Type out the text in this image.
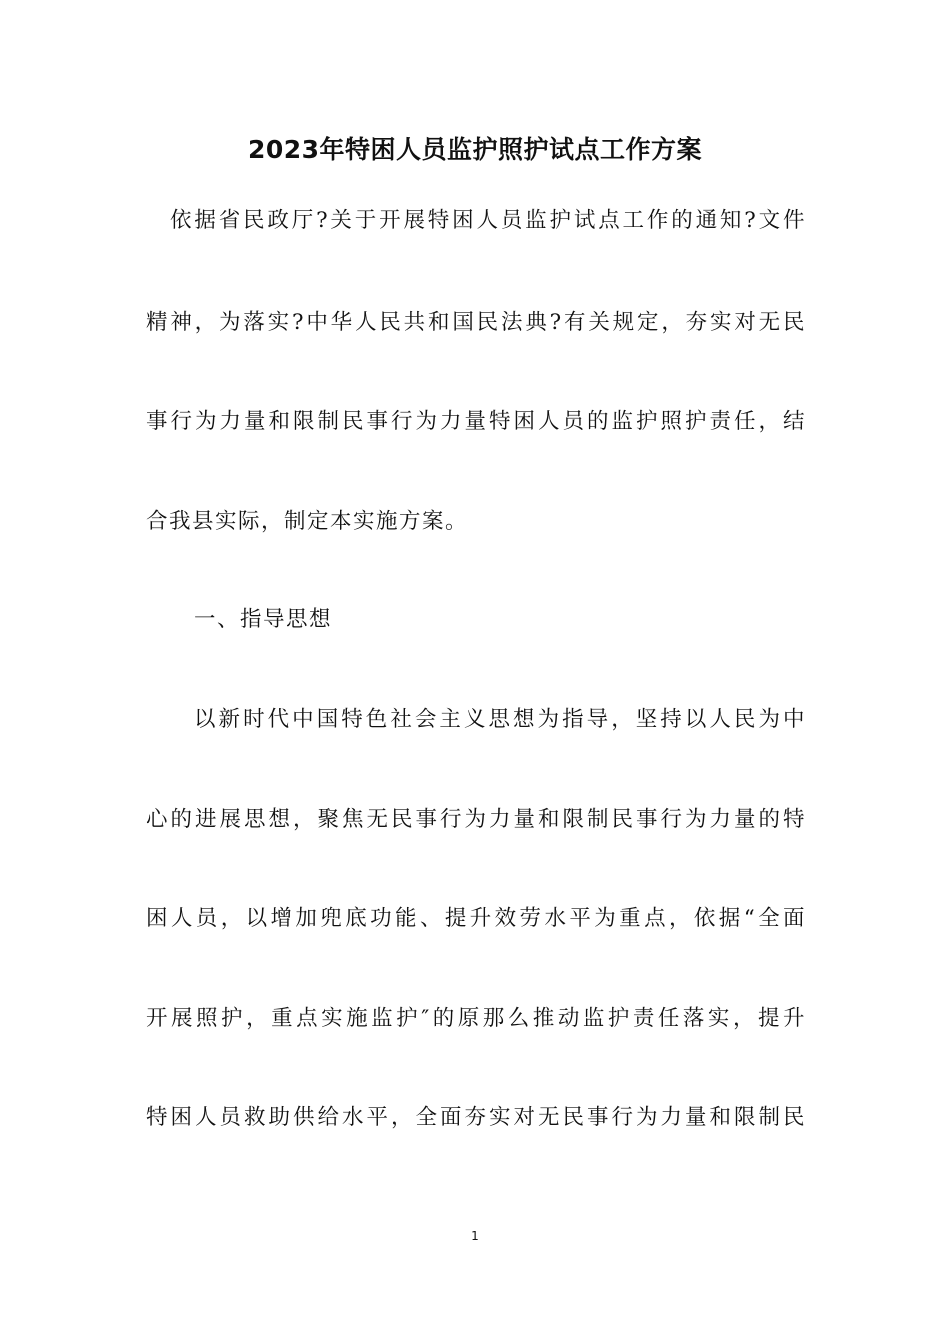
2023年特困人员监护照护试点工作方案
依据省民政厅?关于开展特困人员监护试点工作的通知?文件
精神，为落实?中华人民共和国民法典?有关规定，夯实对无民
事行为力量和限制民事行为力量特困人员的监护照护责任，结
合我县实际，制定本实施方案。
一、指导思想
以新时代中国特色社会主义思想为指导，坚持以人民为中
心的进展思想，聚焦无民事行为力量和限制民事行为力量的特
困人员，以增加兜底功能、提升效劳水平为重点，依据“全面
开展照护，重点实施监护″的原那么推动监护责任落实，提升
特困人员救助供给水平，全面夯实对无民事行为力量和限制民
1
